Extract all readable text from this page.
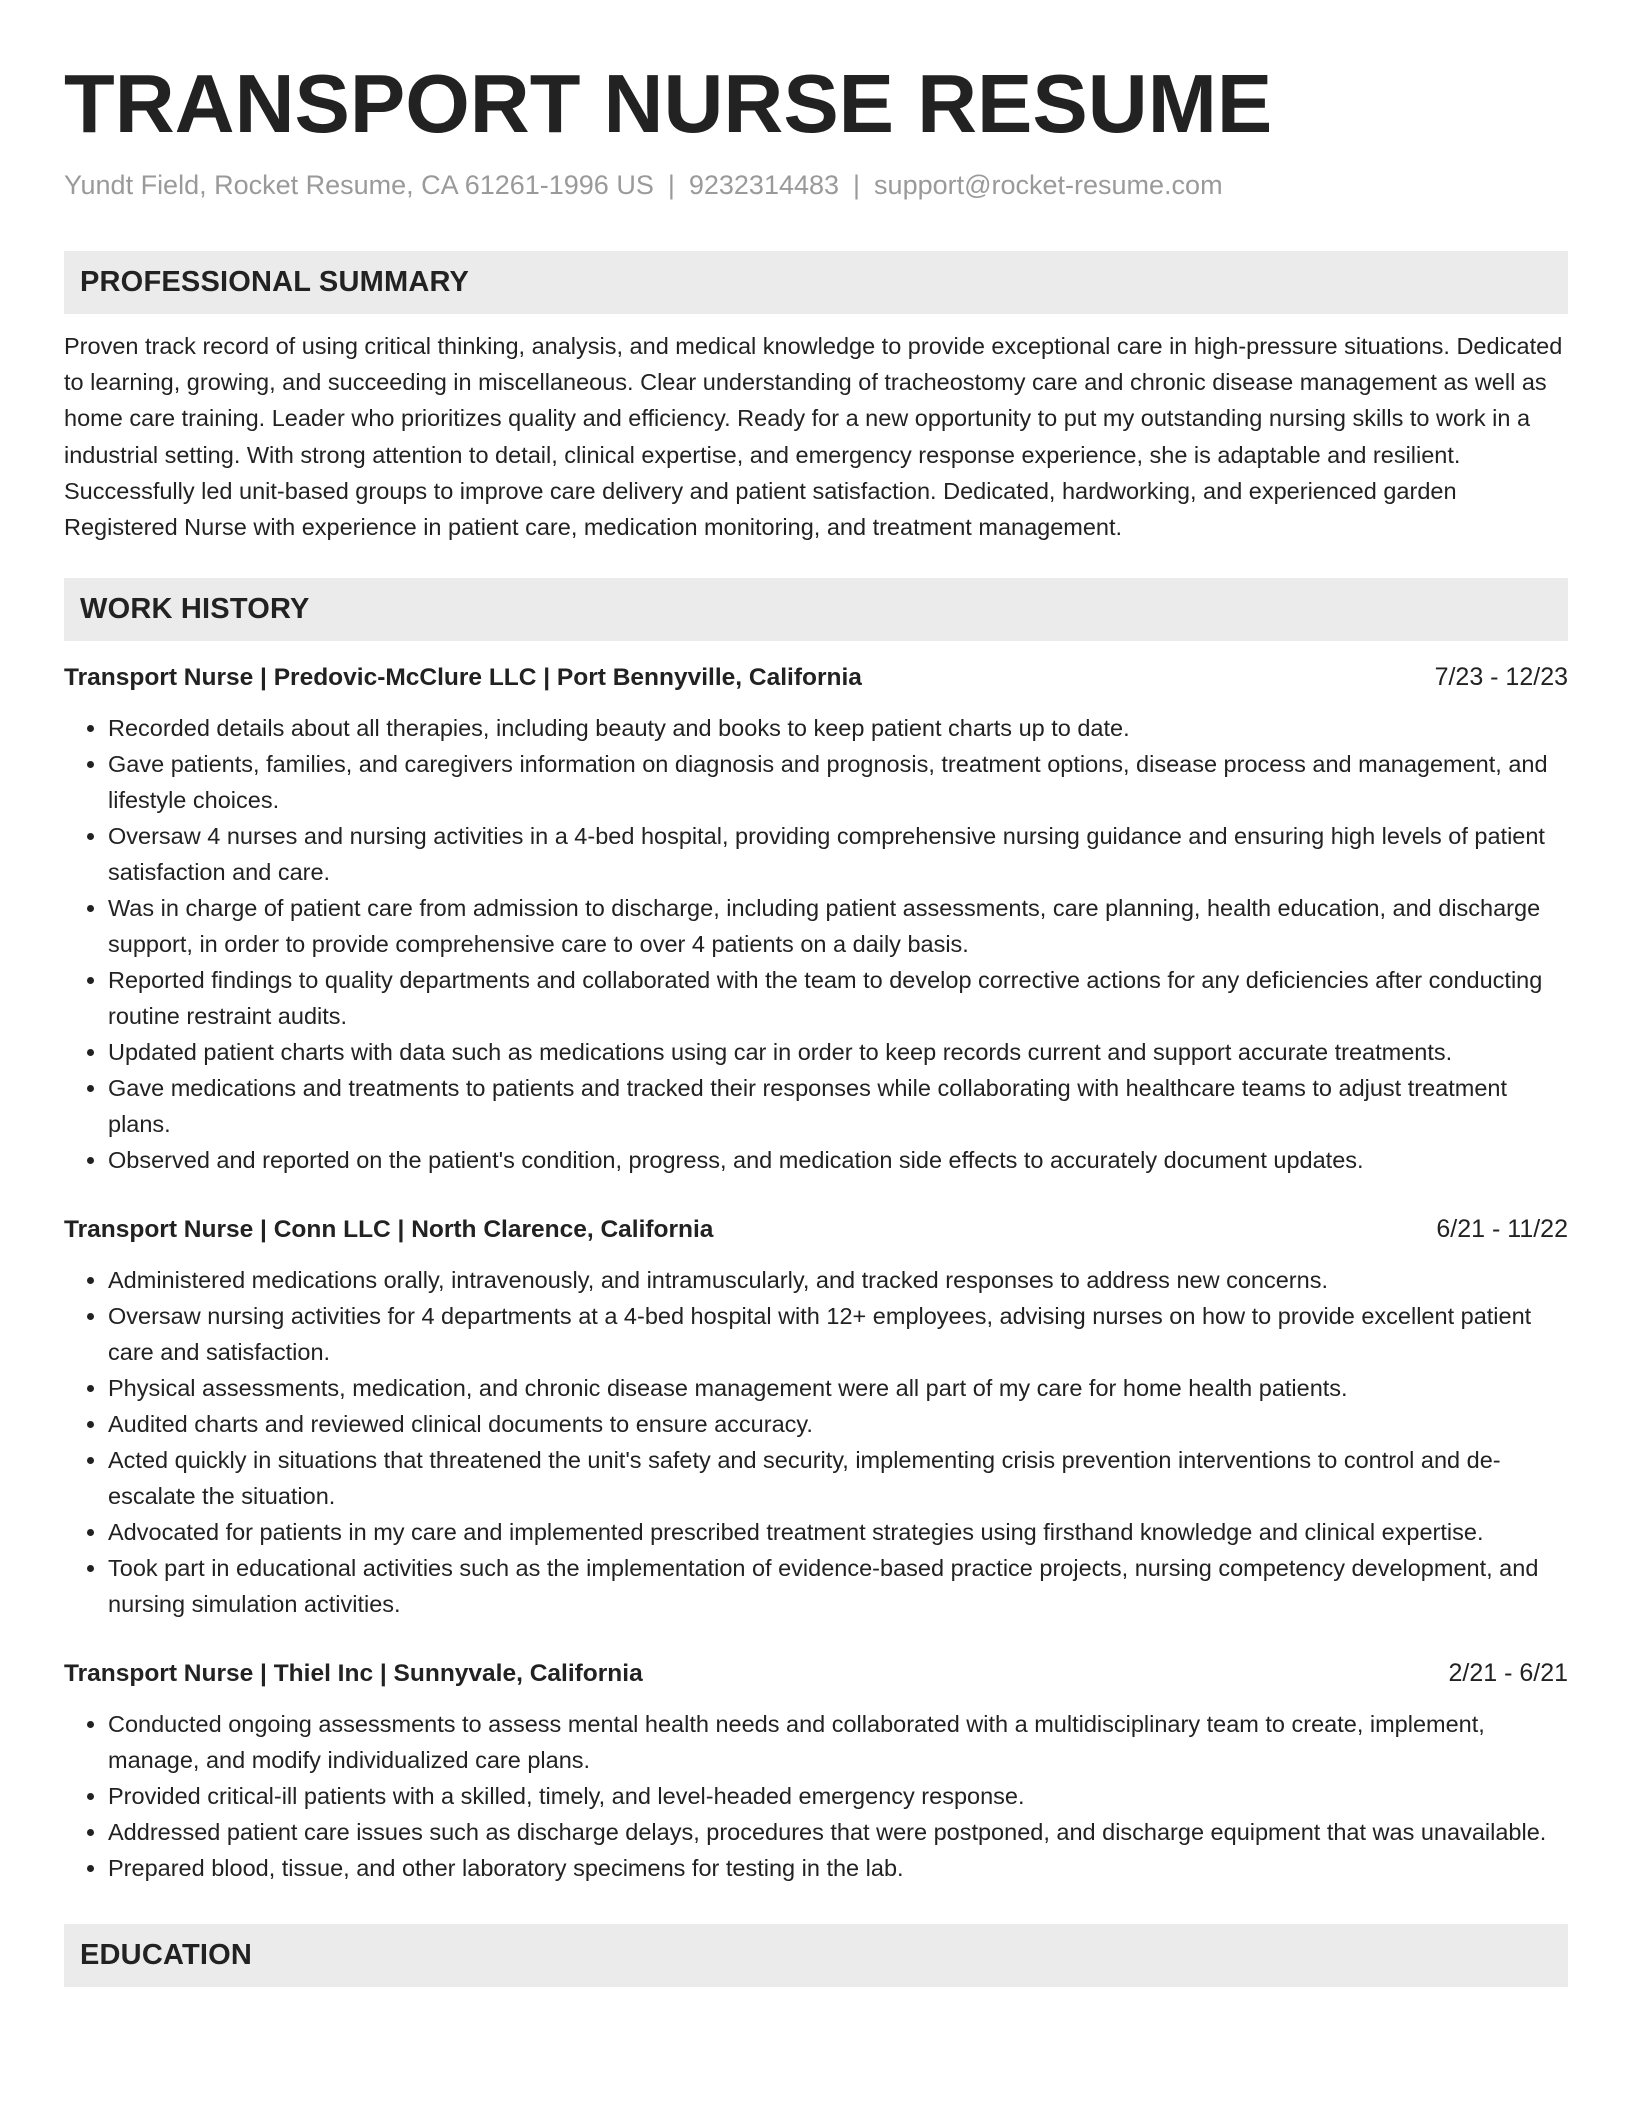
TRANSPORT NURSE RESUME
Yundt Field, Rocket Resume, CA 61261-1996 US | 9232314483 | support@rocket-resume.com
PROFESSIONAL SUMMARY
Proven track record of using critical thinking, analysis, and medical knowledge to provide exceptional care in high-pressure situations. Dedicated to learning, growing, and succeeding in miscellaneous. Clear understanding of tracheostomy care and chronic disease management as well as home care training. Leader who prioritizes quality and efficiency. Ready for a new opportunity to put my outstanding nursing skills to work in a industrial setting. With strong attention to detail, clinical expertise, and emergency response experience, she is adaptable and resilient. Successfully led unit-based groups to improve care delivery and patient satisfaction. Dedicated, hardworking, and experienced garden Registered Nurse with experience in patient care, medication monitoring, and treatment management.
WORK HISTORY
Transport Nurse | Predovic-McClure LLC | Port Bennyville, California	7/23 - 12/23
• Recorded details about all therapies, including beauty and books to keep patient charts up to date.
• Gave patients, families, and caregivers information on diagnosis and prognosis, treatment options, disease process and management, and lifestyle choices.
• Oversaw 4 nurses and nursing activities in a 4-bed hospital, providing comprehensive nursing guidance and ensuring high levels of patient satisfaction and care.
• Was in charge of patient care from admission to discharge, including patient assessments, care planning, health education, and discharge support, in order to provide comprehensive care to over 4 patients on a daily basis.
• Reported findings to quality departments and collaborated with the team to develop corrective actions for any deficiencies after conducting routine restraint audits.
• Updated patient charts with data such as medications using car in order to keep records current and support accurate treatments.
• Gave medications and treatments to patients and tracked their responses while collaborating with healthcare teams to adjust treatment plans.
• Observed and reported on the patient's condition, progress, and medication side effects to accurately document updates.
Transport Nurse | Conn LLC | North Clarence, California	6/21 - 11/22
• Administered medications orally, intravenously, and intramuscularly, and tracked responses to address new concerns.
• Oversaw nursing activities for 4 departments at a 4-bed hospital with 12+ employees, advising nurses on how to provide excellent patient care and satisfaction.
• Physical assessments, medication, and chronic disease management were all part of my care for home health patients.
• Audited charts and reviewed clinical documents to ensure accuracy.
• Acted quickly in situations that threatened the unit's safety and security, implementing crisis prevention interventions to control and de-escalate the situation.
• Advocated for patients in my care and implemented prescribed treatment strategies using firsthand knowledge and clinical expertise.
• Took part in educational activities such as the implementation of evidence-based practice projects, nursing competency development, and nursing simulation activities.
Transport Nurse | Thiel Inc | Sunnyvale, California	2/21 - 6/21
• Conducted ongoing assessments to assess mental health needs and collaborated with a multidisciplinary team to create, implement, manage, and modify individualized care plans.
• Provided critical-ill patients with a skilled, timely, and level-headed emergency response.
• Addressed patient care issues such as discharge delays, procedures that were postponed, and discharge equipment that was unavailable.
• Prepared blood, tissue, and other laboratory specimens for testing in the lab.
EDUCATION
